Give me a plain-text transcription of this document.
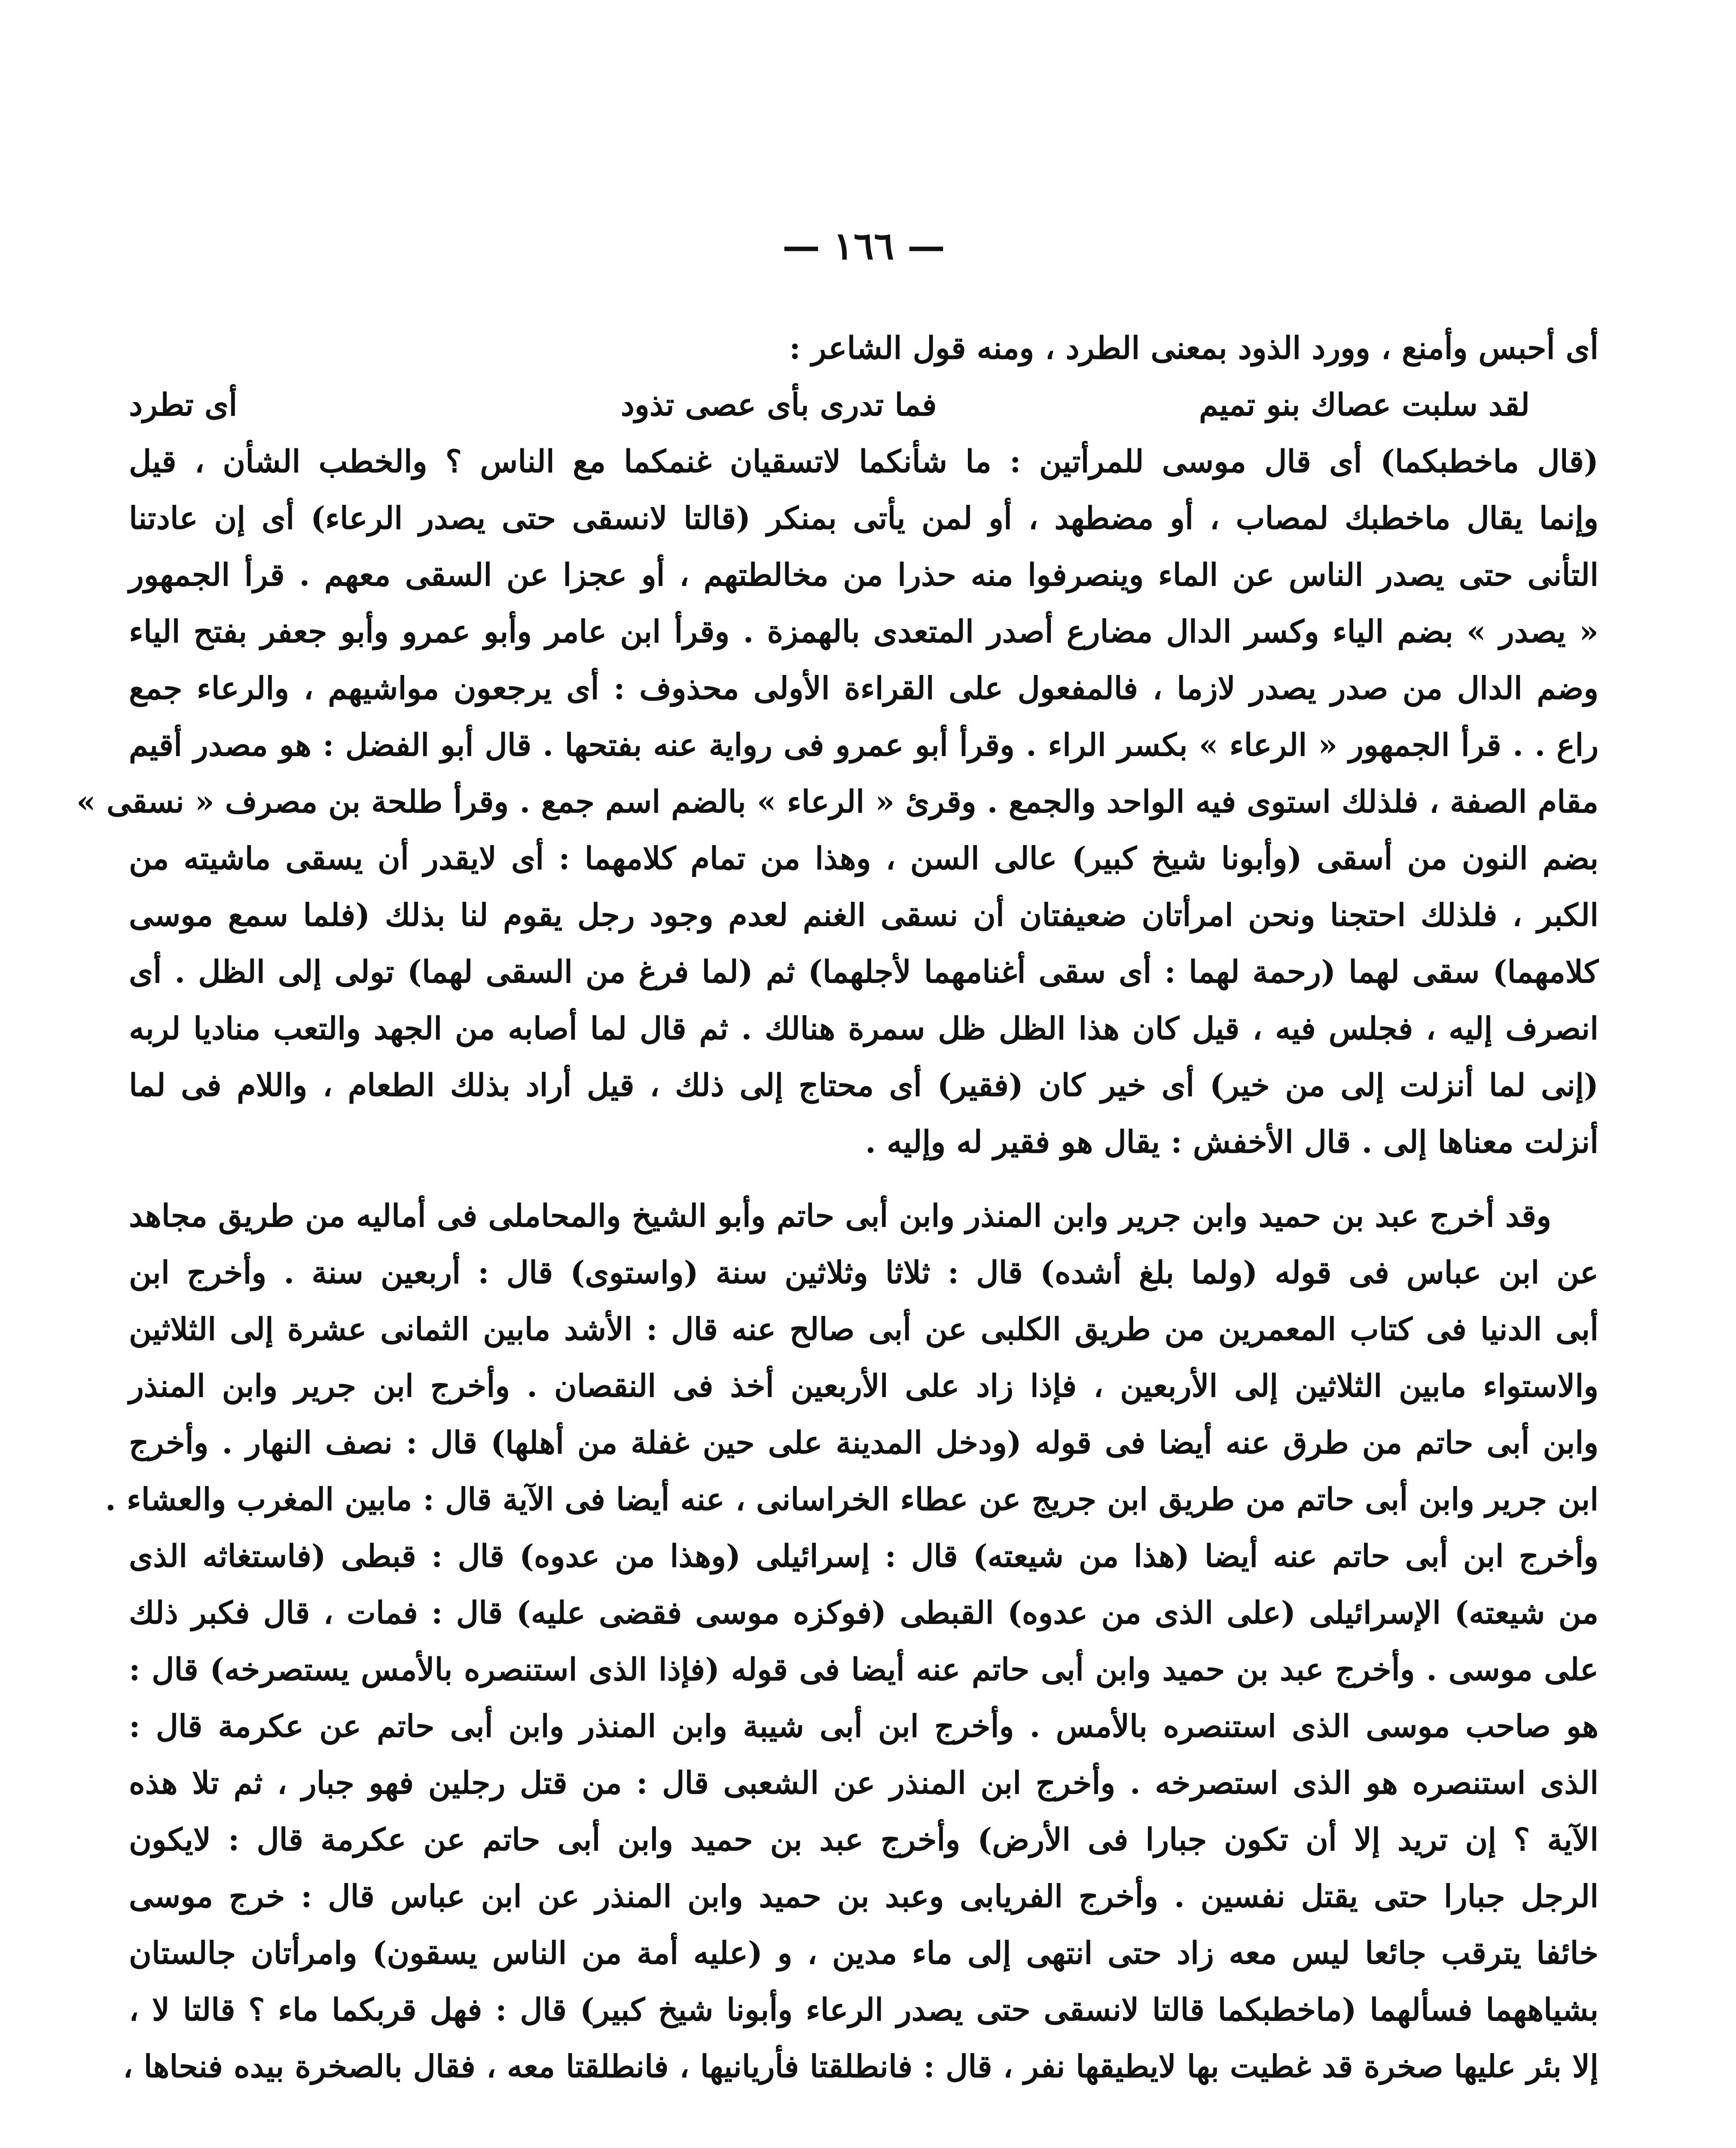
— ١٦٦ —
أى أحبس وأمنع ، وورد الذود بمعنى الطرد ، ومنه قول الشاعر :
لقد سلبت عصاك بنو تميم
فما تدرى بأى عصى تذود
أى تطرد
(قال ماخطبكما) أى قال موسى للمرأتين : ما شأنكما لاتسقيان غنمكما مع الناس ؟ والخطب الشأن ، قيل
وإنما يقال ماخطبك لمصاب ، أو مضطهد ، أو لمن يأتى بمنكر (قالتا لانسقى حتى يصدر الرعاء) أى إن عادتنا
التأنى حتى يصدر الناس عن الماء وينصرفوا منه حذرا من مخالطتهم ، أو عجزا عن السقى معهم . قرأ الجمهور
« يصدر » بضم الياء وكسر الدال مضارع أصدر المتعدى بالهمزة . وقرأ ابن عامر وأبو عمرو وأبو جعفر بفتح الياء
وضم الدال من صدر يصدر لازما ، فالمفعول على القراءة الأولى محذوف : أى يرجعون مواشيهم ، والرعاء جمع
راع . . قرأ الجمهور « الرعاء » بكسر الراء . وقرأ أبو عمرو فى رواية عنه بفتحها . قال أبو الفضل : هو مصدر أقيم
مقام الصفة ، فلذلك استوى فيه الواحد والجمع . وقرئ « الرعاء » بالضم اسم جمع . وقرأ طلحة بن مصرف « نسقى »
بضم النون من أسقى (وأبونا شيخ كبير) عالى السن ، وهذا من تمام كلامهما : أى لايقدر أن يسقى ماشيته من
الكبر ، فلذلك احتجنا ونحن امرأتان ضعيفتان أن نسقى الغنم لعدم وجود رجل يقوم لنا بذلك (فلما سمع موسى
كلامهما) سقى لهما (رحمة لهما : أى سقى أغنامهما لأجلهما) ثم (لما فرغ من السقى لهما) تولى إلى الظل . أى
انصرف إليه ، فجلس فيه ، قيل كان هذا الظل ظل سمرة هنالك . ثم قال لما أصابه من الجهد والتعب مناديا لربه
(إنى لما أنزلت إلى من خير) أى خير كان (فقير) أى محتاج إلى ذلك ، قيل أراد بذلك الطعام ، واللام فى لما
أنزلت معناها إلى . قال الأخفش : يقال هو فقير له وإليه .
وقد أخرج عبد بن حميد وابن جرير وابن المنذر وابن أبى حاتم وأبو الشيخ والمحاملى فى أماليه من طريق مجاهد
عن ابن عباس فى قوله (ولما بلغ أشده) قال : ثلاثا وثلاثين سنة (واستوى) قال : أربعين سنة . وأخرج ابن
أبى الدنيا فى كتاب المعمرين من طريق الكلبى عن أبى صالح عنه قال : الأشد مابين الثمانى عشرة إلى الثلاثين
والاستواء مابين الثلاثين إلى الأربعين ، فإذا زاد على الأربعين أخذ فى النقصان . وأخرج ابن جرير وابن المنذر
وابن أبى حاتم من طرق عنه أيضا فى قوله (ودخل المدينة على حين غفلة من أهلها) قال : نصف النهار . وأخرج
ابن جرير وابن أبى حاتم من طريق ابن جريج عن عطاء الخراسانى ، عنه أيضا فى الآية قال : مابين المغرب والعشاء .
وأخرج ابن أبى حاتم عنه أيضا (هذا من شيعته) قال : إسرائيلى (وهذا من عدوه) قال : قبطى (فاستغاثه الذى
من شيعته) الإسرائيلى (على الذى من عدوه) القبطى (فوكزه موسى فقضى عليه) قال : فمات ، قال فكبر ذلك
على موسى . وأخرج عبد بن حميد وابن أبى حاتم عنه أيضا فى قوله (فإذا الذى استنصره بالأمس يستصرخه) قال :
هو صاحب موسى الذى استنصره بالأمس . وأخرج ابن أبى شيبة وابن المنذر وابن أبى حاتم عن عكرمة قال :
الذى استنصره هو الذى استصرخه . وأخرج ابن المنذر عن الشعبى قال : من قتل رجلين فهو جبار ، ثم تلا هذه
الآية ؟ إن تريد إلا أن تكون جبارا فى الأرض) وأخرج عبد بن حميد وابن أبى حاتم عن عكرمة قال : لايكون
الرجل جبارا حتى يقتل نفسين . وأخرج الفريابى وعبد بن حميد وابن المنذر عن ابن عباس قال : خرج موسى
خائفا يترقب جائعا ليس معه زاد حتى انتهى إلى ماء مدين ، و (عليه أمة من الناس يسقون) وامرأتان جالستان
بشياههما فسألهما (ماخطبكما قالتا لانسقى حتى يصدر الرعاء وأبونا شيخ كبير) قال : فهل قربكما ماء ؟ قالتا لا ،
إلا بئر عليها صخرة قد غطيت بها لايطيقها نفر ، قال : فانطلقتا فأريانيها ، فانطلقتا معه ، فقال بالصخرة بيده فنحاها ،
